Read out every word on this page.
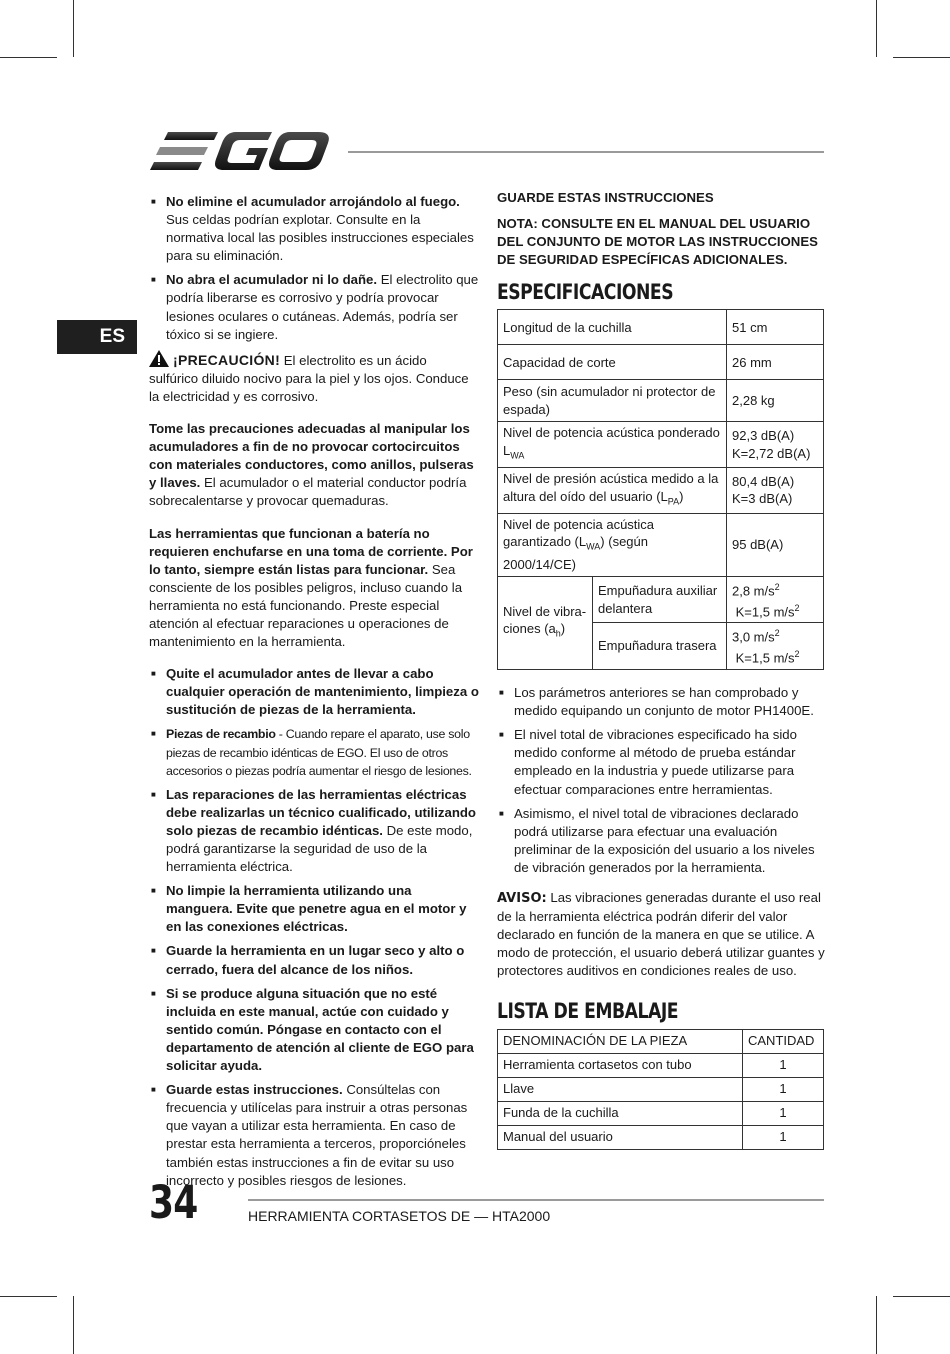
ES
■ No elimine el acumulador arrojándolo al fuego. Sus celdas podrían explotar. Consulte en la normativa local las posibles instrucciones especiales para su eliminación.
■ No abra el acumulador ni lo dañe. El electrolito que podría liberarse es corrosivo y podría provocar lesiones oculares o cutáneas. Además, podría ser tóxico si se ingiere.

¡PRECAUCIÓN! El electrolito es un ácido sulfúrico diluido nocivo para la piel y los ojos. Conduce la electricidad y es corrosivo.

Tome las precauciones adecuadas al manipular los acumuladores a fin de no provocar cortocircuitos con materiales conductores, como anillos, pulseras y llaves. El acumulador o el material conductor podría sobrecalentarse y provocar quemaduras.

Las herramientas que funcionan a batería no requieren enchufarse en una toma de corriente. Por lo tanto, siempre están listas para funcionar. Sea consciente de los posibles peligros, incluso cuando la herramienta no está funcionando. Preste especial atención al efectuar reparaciones u operaciones de mantenimiento en la herramienta.

■ Quite el acumulador antes de llevar a cabo cualquier operación de mantenimiento, limpieza o sustitución de piezas de la herramienta.
■ Piezas de recambio - Cuando repare el aparato, use solo piezas de recambio idénticas de EGO. El uso de otros accesorios o piezas podría aumentar el riesgo de lesiones.
■ Las reparaciones de las herramientas eléctricas debe realizarlas un técnico cualificado, utilizando solo piezas de recambio idénticas. De este modo, podrá garantizarse la seguridad de uso de la herramienta eléctrica.
■ No limpie la herramienta utilizando una manguera. Evite que penetre agua en el motor y en las conexiones eléctricas.
■ Guarde la herramienta en un lugar seco y alto o cerrado, fuera del alcance de los niños.
■ Si se produce alguna situación que no esté incluida en este manual, actúe con cuidado y sentido común. Póngase en contacto con el departamento de atención al cliente de EGO para solicitar ayuda.
■ Guarde estas instrucciones. Consúltelas con frecuencia y utilícelas para instruir a otras personas que vayan a utilizar esta herramienta. En caso de prestar esta herramienta a terceros, proporcióneles también estas instrucciones a fin de evitar su uso incorrecto y posibles riesgos de lesiones.

GUARDE ESTAS INSTRUCCIONES

NOTA: CONSULTE EN EL MANUAL DEL USUARIO DEL CONJUNTO DE MOTOR LAS INSTRUCCIONES DE SEGURIDAD ESPECÍFICAS ADICIONALES.

ESPECIFICACIONES
Longitud de la cuchilla		51 cm
Capacidad de corte		26 mm
Peso (sin acumulador ni protector de espada)		2,28 kg
Nivel de potencia acústica ponderado $L_{WA}$		92,3 dB(A)
K=2,72 dB(A)
Nivel de presión acústica medido a la altura del oído del usuario $(L_{PA})$		80,4 dB(A)
K=3 dB(A)
Nivel de potencia acústica garantizado $(L_{WA})$ (según 2000/14/CE)		95 dB(A)
Nivel de vibra-ciones $(a_h)$	Empuñadura auxiliar delantera	2,8 $m/s^2$
K=1,5 $m/s^2$
	Empuñadura trasera	3,0 $m/s^2$
K=1,5 $m/s^2$
■ Los parámetros anteriores se han comprobado y medido equipando un conjunto de motor PH1400E.
■ El nivel total de vibraciones especificado ha sido medido conforme al método de prueba estándar empleado en la industria y puede utilizarse para efectuar comparaciones entre herramientas.
■ Asimismo, el nivel total de vibraciones declarado podrá utilizarse para efectuar una evaluación preliminar de la exposición del usuario a los niveles de vibración generados por la herramienta.

AVISO: Las vibraciones generadas durante el uso real de la herramienta eléctrica podrán diferir del valor declarado en función de la manera en que se utilice. A modo de protección, el usuario deberá utilizar guantes y protectores auditivos en condiciones reales de uso.

LISTA DE EMBALAJE
DENOMINACIÓN DE LA PIEZA	CANTIDAD
Herramienta cortasetos con tubo	1
Llave	1
Funda de la cuchilla	1
Manual del usuario	1
34	HERRAMIENTA CORTASETOS DE — HTA2000
